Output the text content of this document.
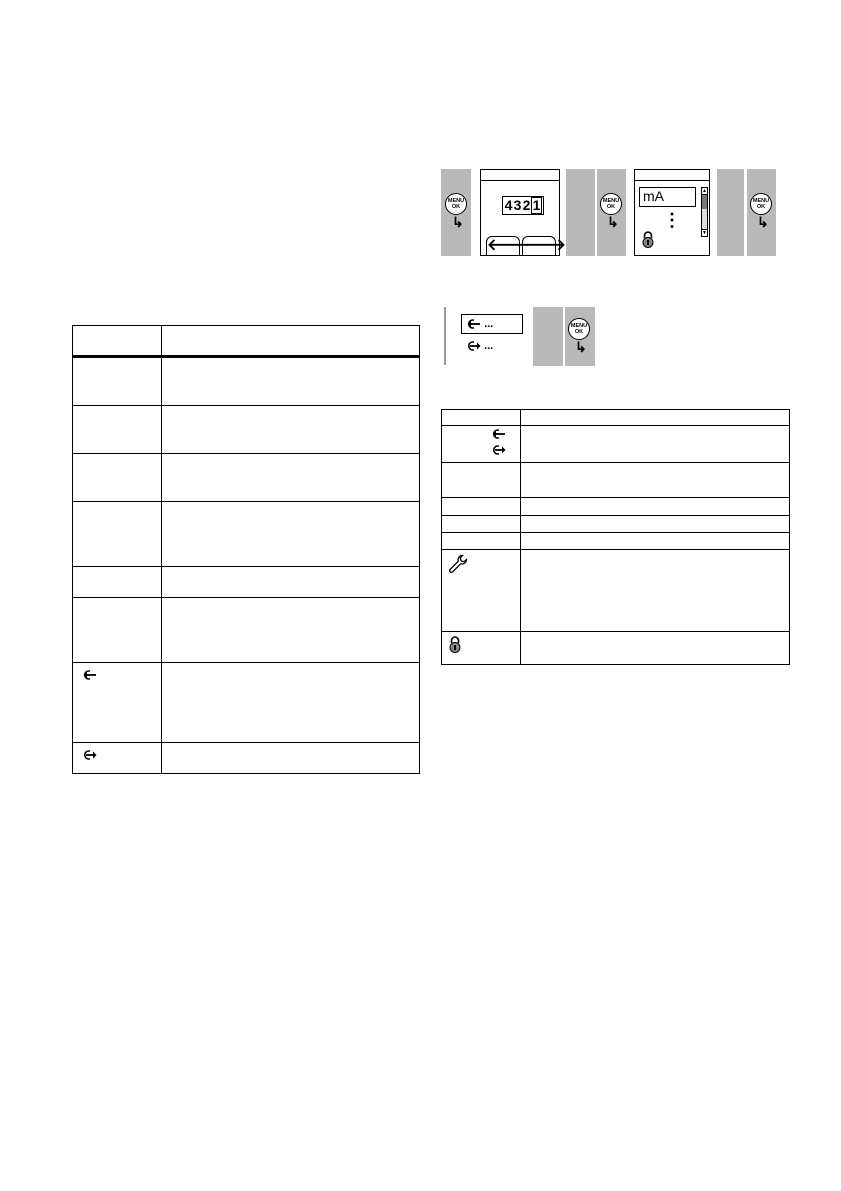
MENU
OK
↳
4 3 2 1
🡐
🡒
MENU
OK
↳
mA
⋮
▲
▼
MENU
OK
↳
...
...
MENU
OK
↳
